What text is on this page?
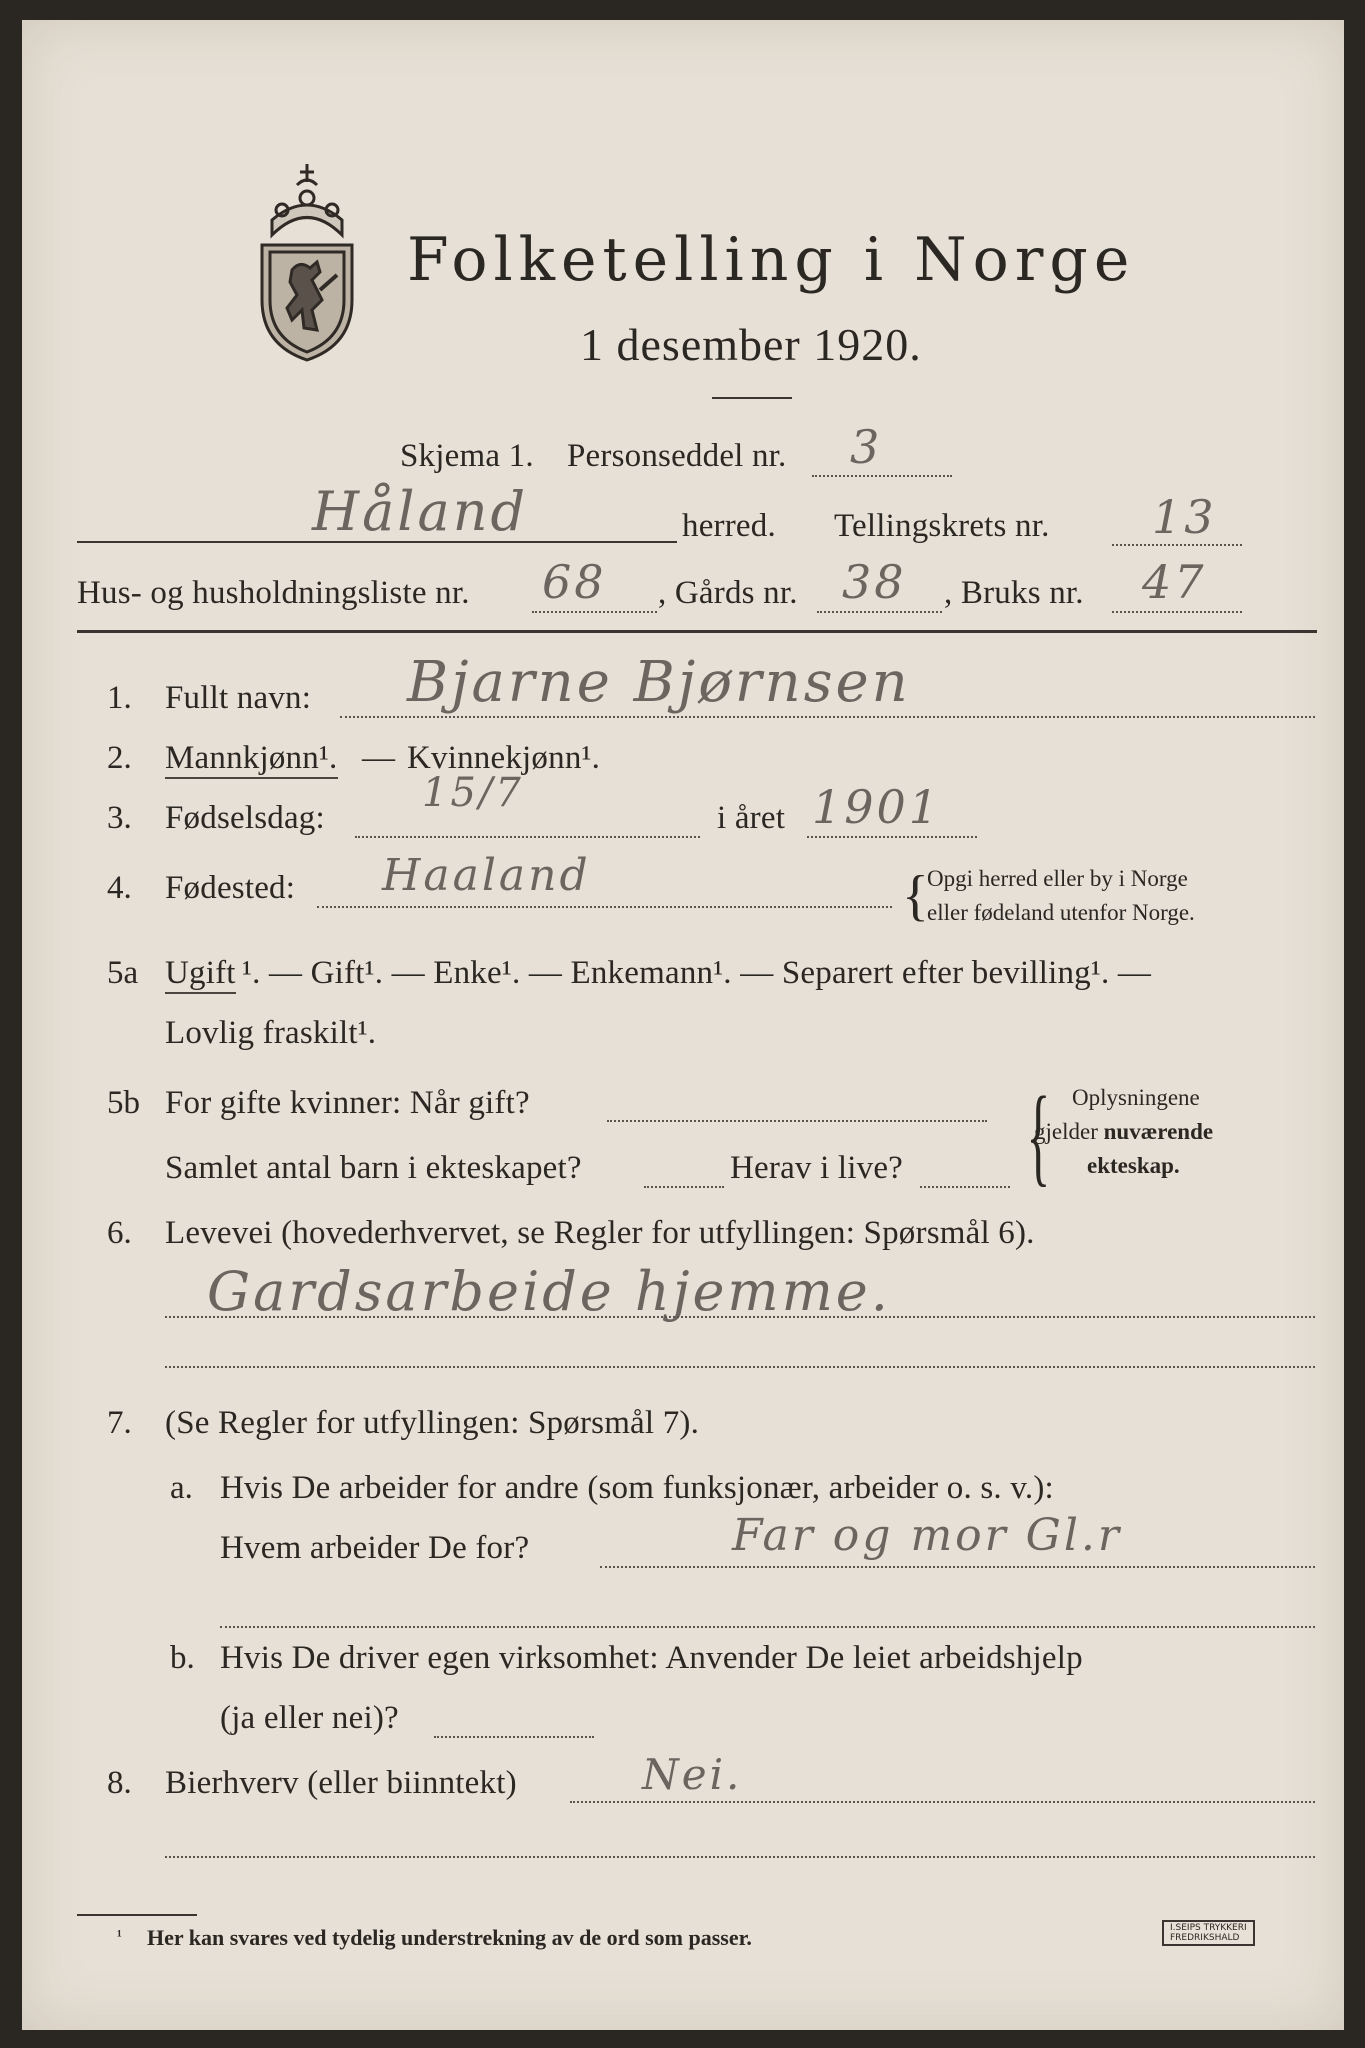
Folketelling i Norge
1 desember 1920.
Skjema 1. Personseddel nr. 3
Håland	herred. Tellingskrets nr. 13
Hus- og husholdningsliste nr. 68 , Gårds nr. 38 , Bruks nr. 47
1. Fullt navn: Bjarne Bjørnsen
2. Mannkjønn¹. — Kvinnekjønn¹.
3. Fødselsdag:
15/7
i året 1901
4. Fødested: Haaland	{
Opgi herred eller by i Norge
eller fødeland utenfor Norge.
5a Ugift ¹. — Gift¹. — Enke¹. — Enkemann¹. — Separert efter bevilling¹. —
Lovlig fraskilt¹.
5b For gifte kvinner: Når gift?
Samlet antal barn i ekteskapet?	Herav i live? { Oplysningene
gjelder nuværende
ekteskap.
6. Levevei (hovederhvervet, se Regler for utfyllingen: Spørsmål 6).
Gardsarbeide hjemme.
7. (Se Regler for utfyllingen: Spørsmål 7).
a. Hvis De arbeider for andre (som funksjonær, arbeider o. s. v.):
Hvem arbeider De for?	Far og mor Gl.r
b. Hvis De driver egen virksomhet: Anvender De leiet arbeidshjelp
(ja eller nei)?
8. Bierhverv (eller biinntekt)	Nei.
¹ Her kan svares ved tydelig understrekning av de ord som passer.	I.SEIPS TRYKKERI
FREDRIKSHALD
